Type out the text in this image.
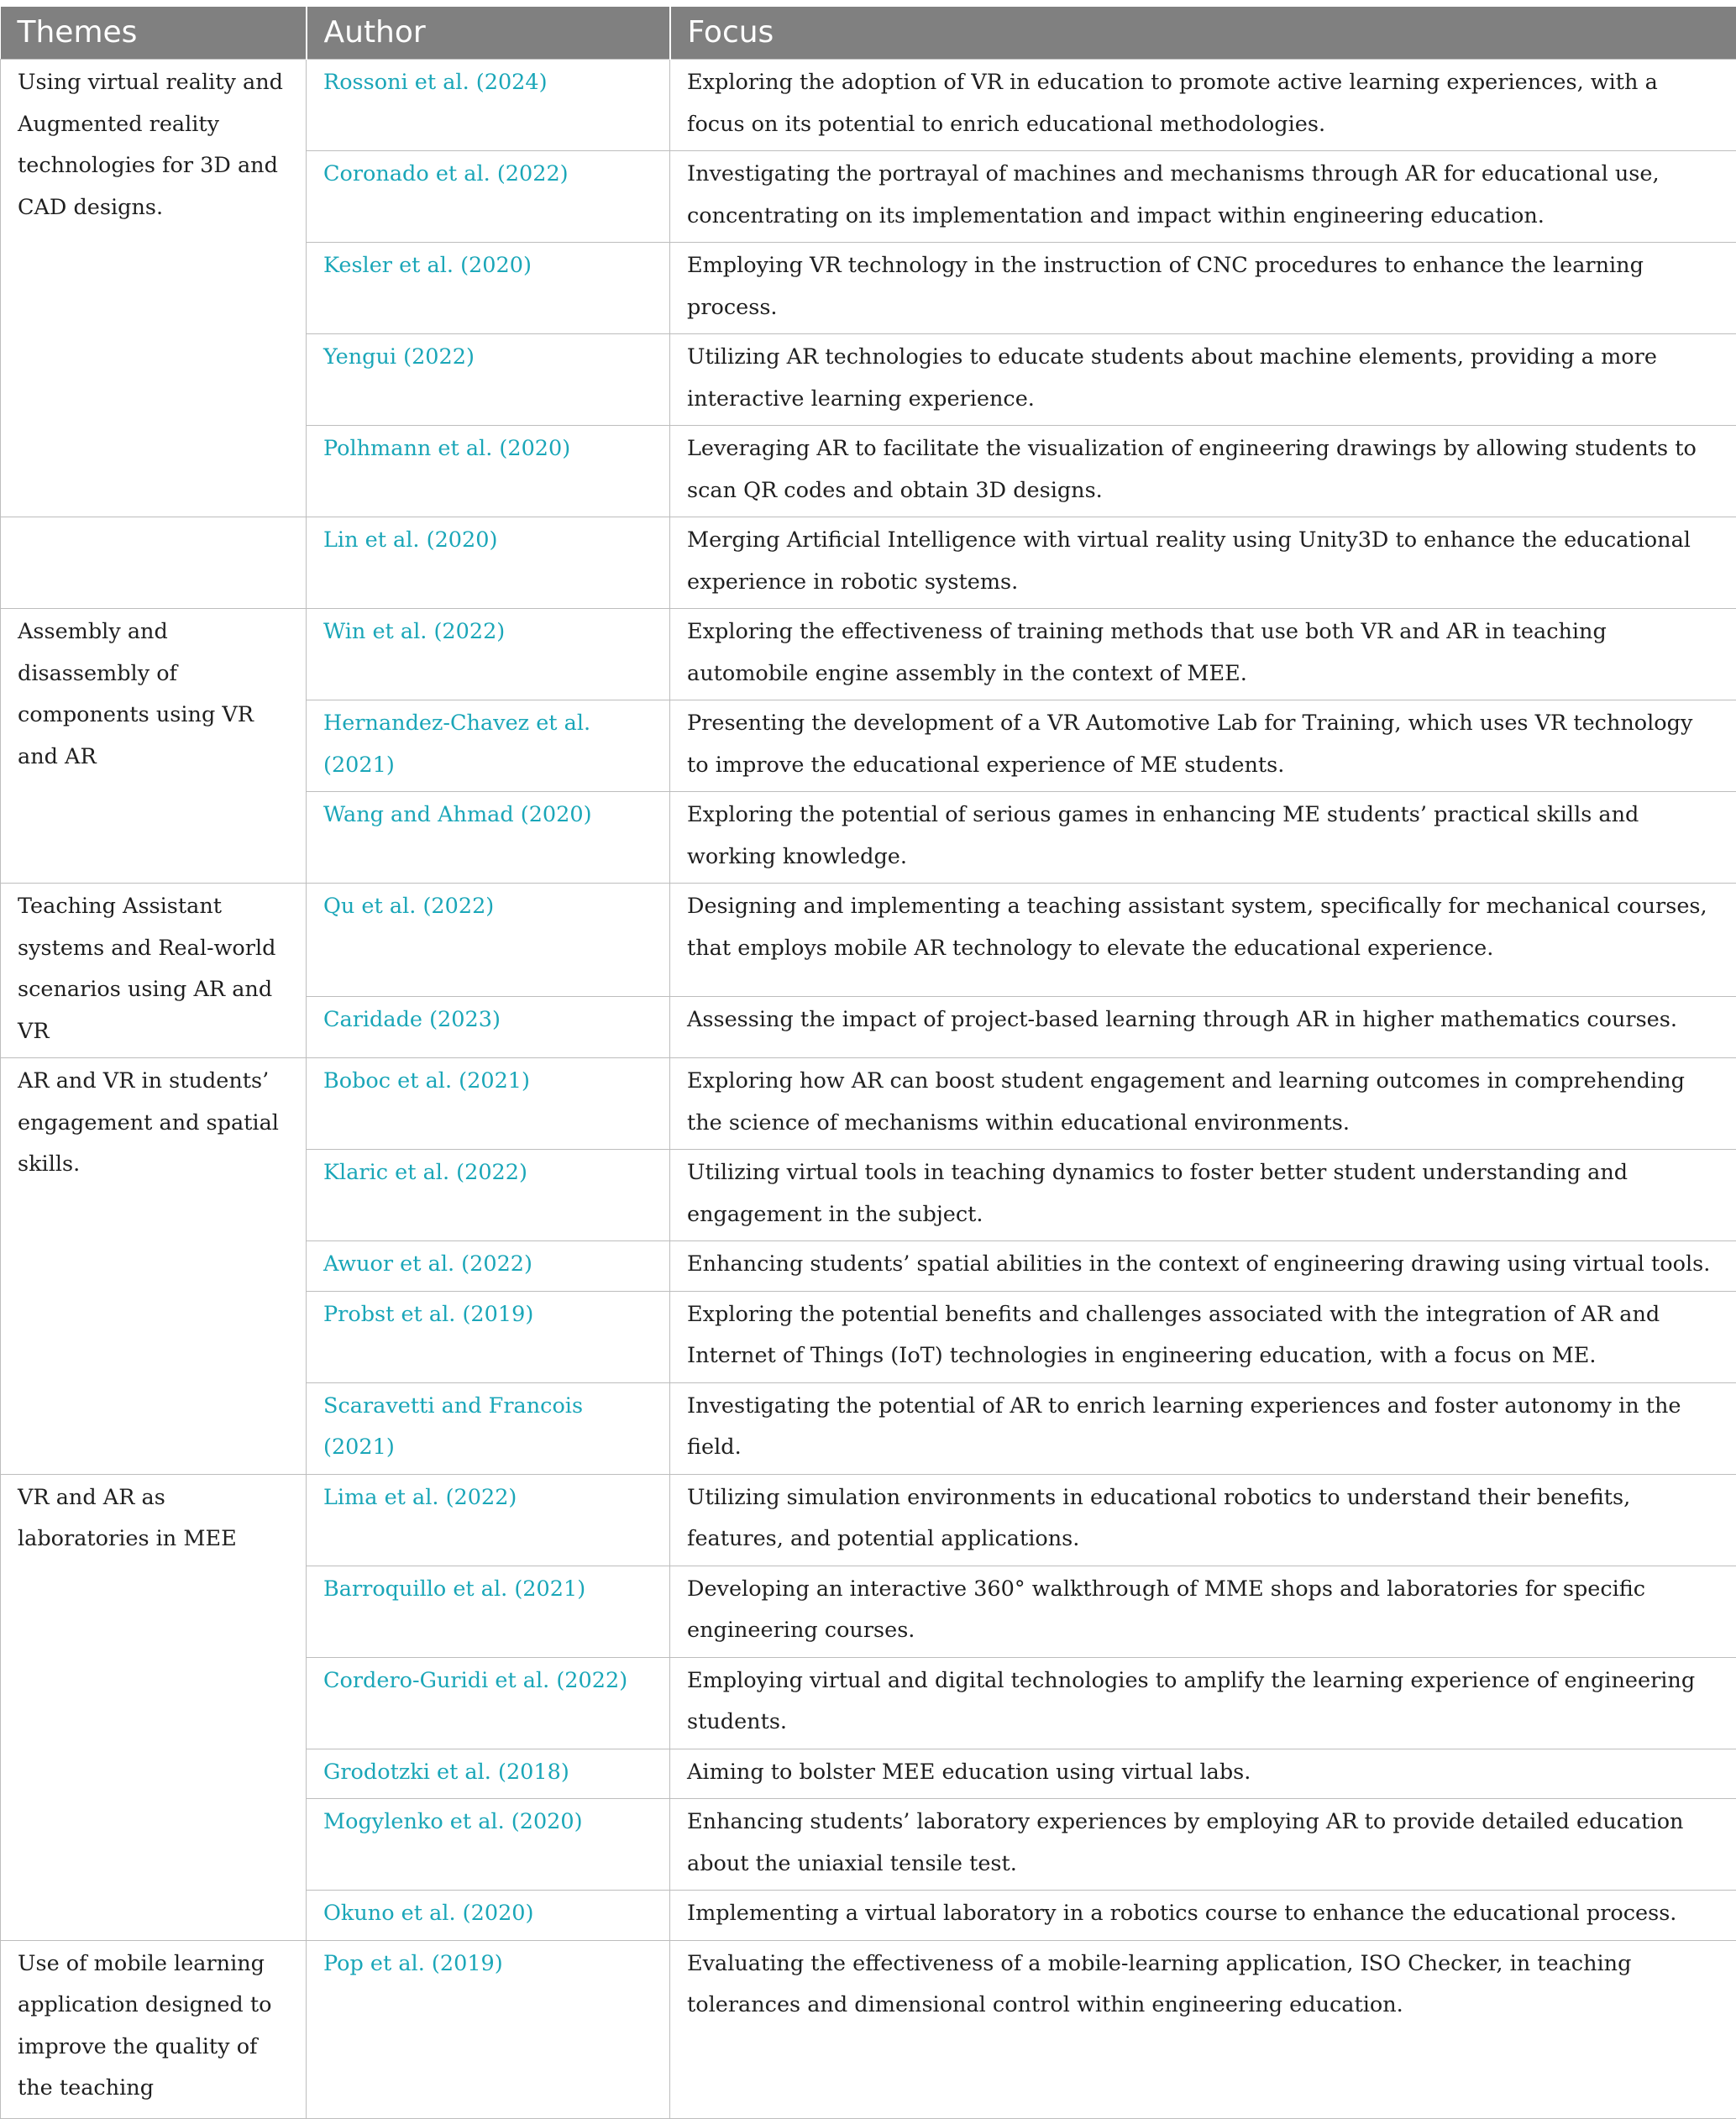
Themes	Author	Focus
Using virtual reality and Augmented reality technologies for 3D and CAD designs.	Rossoni et al. (2024)	Exploring the adoption of VR in education to promote active learning experiences, with a focus on its potential to enrich educational methodologies.
	Coronado et al. (2022)	Investigating the portrayal of machines and mechanisms through AR for educational use, concentrating on its implementation and impact within engineering education.
	Kesler et al. (2020)	Employing VR technology in the instruction of CNC procedures to enhance the learning process.
	Yengui (2022)	Utilizing AR technologies to educate students about machine elements, providing a more interactive learning experience.
	Polhmann et al. (2020)	Leveraging AR to facilitate the visualization of engineering drawings by allowing students to scan QR codes and obtain 3D designs.
	Lin et al. (2020)	Merging Artificial Intelligence with virtual reality using Unity3D to enhance the educational experience in robotic systems.
Assembly and disassembly of components using VR and AR	Win et al. (2022)	Exploring the effectiveness of training methods that use both VR and AR in teaching automobile engine assembly in the context of MEE.
	Hernandez-Chavez et al. (2021)	Presenting the development of a VR Automotive Lab for Training, which uses VR technology to improve the educational experience of ME students.
	Wang and Ahmad (2020)	Exploring the potential of serious games in enhancing ME students’ practical skills and working knowledge.
Teaching Assistant systems and Real-world scenarios using AR and VR	Qu et al. (2022)	Designing and implementing a teaching assistant system, specifically for mechanical courses, that employs mobile AR technology to elevate the educational experience.
	Caridade (2023)	Assessing the impact of project-based learning through AR in higher mathematics courses.
AR and VR in students’ engagement and spatial skills.	Boboc et al. (2021)	Exploring how AR can boost student engagement and learning outcomes in comprehending the science of mechanisms within educational environments.
	Klaric et al. (2022)	Utilizing virtual tools in teaching dynamics to foster better student understanding and engagement in the subject.
	Awuor et al. (2022)	Enhancing students’ spatial abilities in the context of engineering drawing using virtual tools.
	Probst et al. (2019)	Exploring the potential benefits and challenges associated with the integration of AR and Internet of Things (IoT) technologies in engineering education, with a focus on ME.
	Scaravetti and Francois (2021)	Investigating the potential of AR to enrich learning experiences and foster autonomy in the field.
VR and AR as laboratories in MEE	Lima et al. (2022)	Utilizing simulation environments in educational robotics to understand their benefits, features, and potential applications.
	Barroquillo et al. (2021)	Developing an interactive 360° walkthrough of MME shops and laboratories for specific engineering courses.
	Cordero-Guridi et al. (2022)	Employing virtual and digital technologies to amplify the learning experience of engineering students.
	Grodotzki et al. (2018)	Aiming to bolster MEE education using virtual labs.
	Mogylenko et al. (2020)	Enhancing students’ laboratory experiences by employing AR to provide detailed education about the uniaxial tensile test.
	Okuno et al. (2020)	Implementing a virtual laboratory in a robotics course to enhance the educational process.
Use of mobile learning application designed to improve the quality of the teaching	Pop et al. (2019)	Evaluating the effectiveness of a mobile-learning application, ISO Checker, in teaching tolerances and dimensional control within engineering education.
